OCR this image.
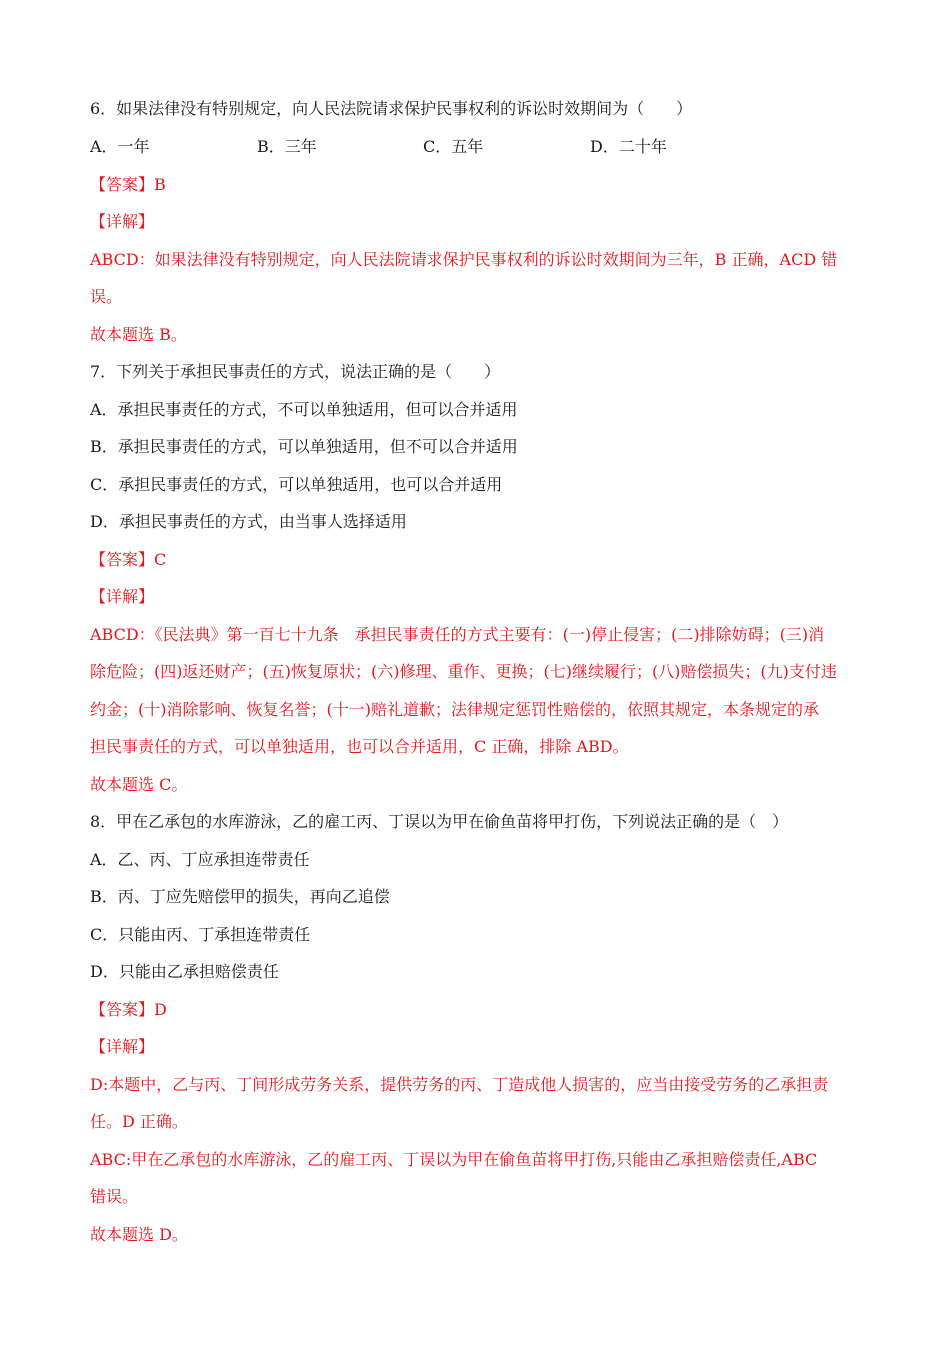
6．如果法律没有特别规定，向人民法院请求保护民事权利的诉讼时效期间为（　　）
A．一年	B．三年	C．五年	D．二十年
【答案】B
【详解】
ABCD：如果法律没有特别规定，向人民法院请求保护民事权利的诉讼时效期间为三年，B 正确，ACD 错
误。
故本题选 B。
7．下列关于承担民事责任的方式，说法正确的是（　　）
A．承担民事责任的方式，不可以单独适用，但可以合并适用
B．承担民事责任的方式，可以单独适用，但不可以合并适用
C．承担民事责任的方式，可以单独适用，也可以合并适用
D．承担民事责任的方式，由当事人选择适用
【答案】C
【详解】
ABCD：《民法典》第一百七十九条　承担民事责任的方式主要有：(一)停止侵害；(二)排除妨碍；(三)消
除危险；(四)返还财产；(五)恢复原状；(六)修理、重作、更换；(七)继续履行；(八)赔偿损失；(九)支付违
约金；(十)消除影响、恢复名誉；(十一)赔礼道歉；法律规定惩罚性赔偿的，依照其规定，本条规定的承
担民事责任的方式，可以单独适用，也可以合并适用，C 正确，排除 ABD。
故本题选 C。
8．甲在乙承包的水库游泳，乙的雇工丙、丁误以为甲在偷鱼苗将甲打伤，下列说法正确的是（　）
A．乙、丙、丁应承担连带责任
B．丙、丁应先赔偿甲的损失，再向乙追偿
C．只能由丙、丁承担连带责任
D．只能由乙承担赔偿责任
【答案】D
【详解】
D:本题中，乙与丙、丁间形成劳务关系，提供劳务的丙、丁造成他人损害的，应当由接受劳务的乙承担责
任。D 正确。
ABC:甲在乙承包的水库游泳，乙的雇工丙、丁误以为甲在偷鱼苗将甲打伤,只能由乙承担赔偿责任,ABC
错误。
故本题选 D。
